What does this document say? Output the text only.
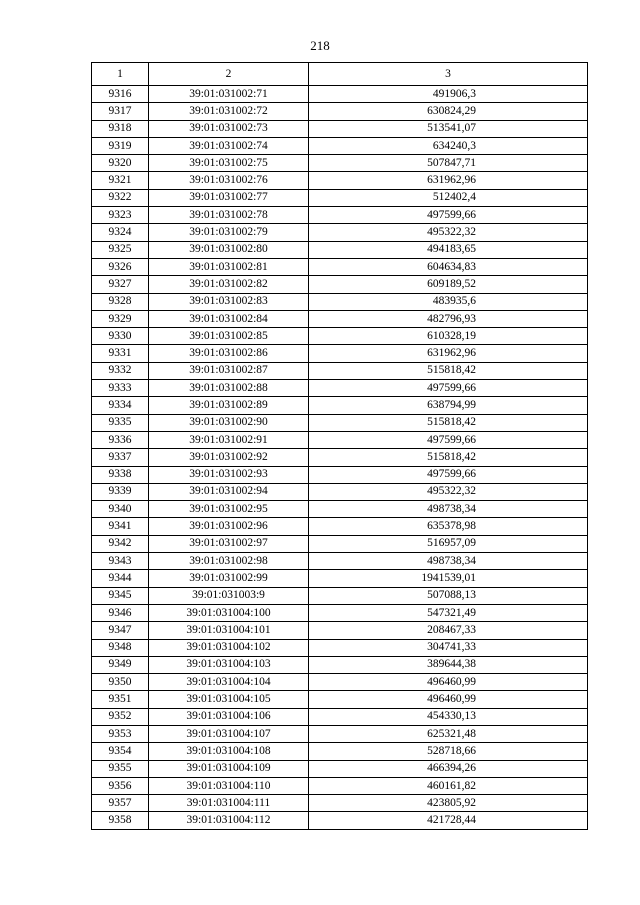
218
1	2	3
9316	39:01:031002:71	491906,3
9317	39:01:031002:72	630824,29
9318	39:01:031002:73	513541,07
9319	39:01:031002:74	634240,3
9320	39:01:031002:75	507847,71
9321	39:01:031002:76	631962,96
9322	39:01:031002:77	512402,4
9323	39:01:031002:78	497599,66
9324	39:01:031002:79	495322,32
9325	39:01:031002:80	494183,65
9326	39:01:031002:81	604634,83
9327	39:01:031002:82	609189,52
9328	39:01:031002:83	483935,6
9329	39:01:031002:84	482796,93
9330	39:01:031002:85	610328,19
9331	39:01:031002:86	631962,96
9332	39:01:031002:87	515818,42
9333	39:01:031002:88	497599,66
9334	39:01:031002:89	638794,99
9335	39:01:031002:90	515818,42
9336	39:01:031002:91	497599,66
9337	39:01:031002:92	515818,42
9338	39:01:031002:93	497599,66
9339	39:01:031002:94	495322,32
9340	39:01:031002:95	498738,34
9341	39:01:031002:96	635378,98
9342	39:01:031002:97	516957,09
9343	39:01:031002:98	498738,34
9344	39:01:031002:99	1941539,01
9345	39:01:031003:9	507088,13
9346	39:01:031004:100	547321,49
9347	39:01:031004:101	208467,33
9348	39:01:031004:102	304741,33
9349	39:01:031004:103	389644,38
9350	39:01:031004:104	496460,99
9351	39:01:031004:105	496460,99
9352	39:01:031004:106	454330,13
9353	39:01:031004:107	625321,48
9354	39:01:031004:108	528718,66
9355	39:01:031004:109	466394,26
9356	39:01:031004:110	460161,82
9357	39:01:031004:111	423805,92
9358	39:01:031004:112	421728,44
